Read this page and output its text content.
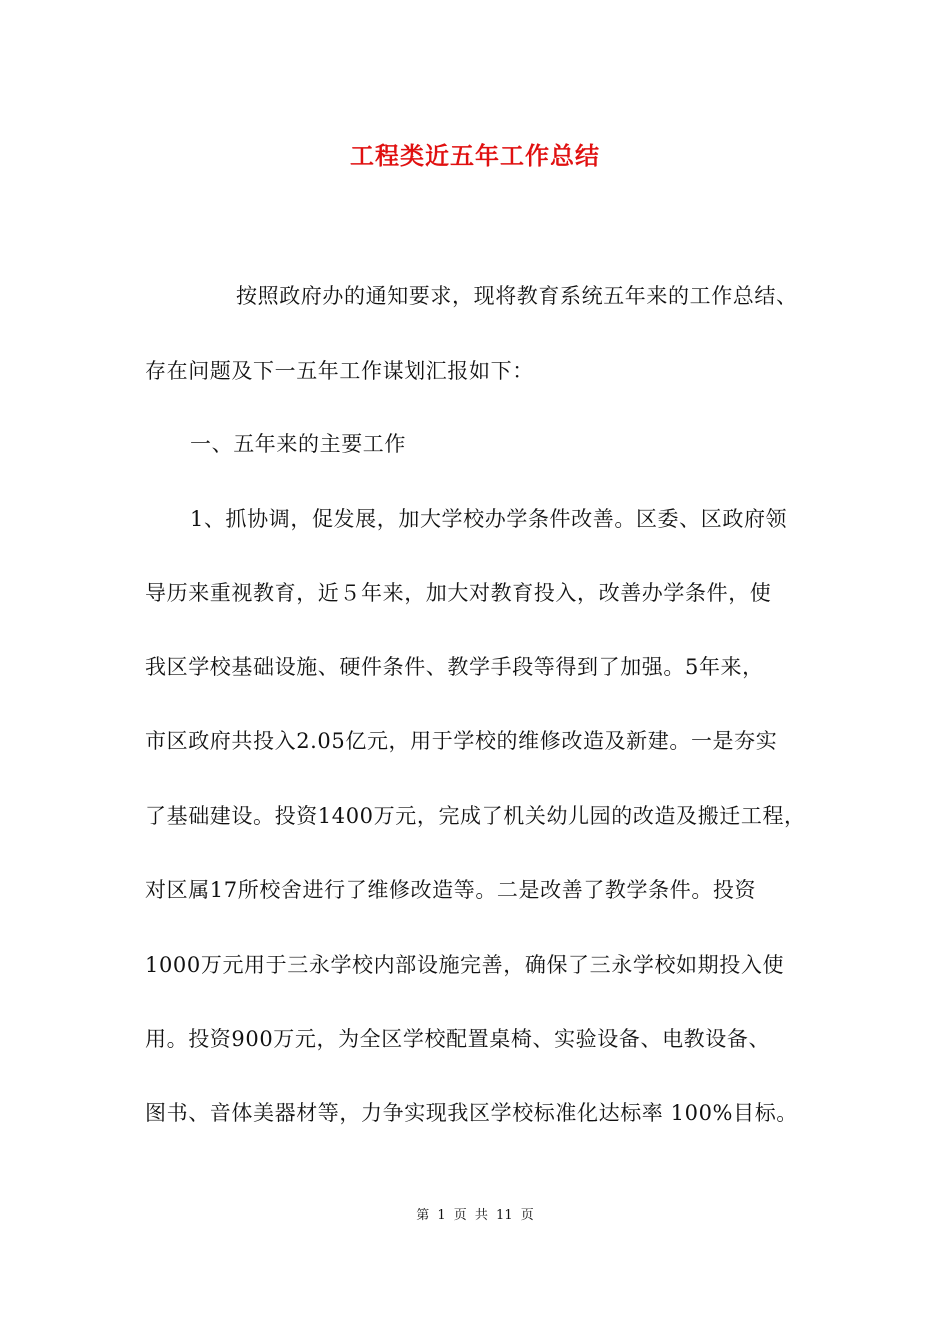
工程类近五年工作总结
按照政府办的通知要求，现将教育系统五年来的工作总结、
存在问题及下一五年工作谋划汇报如下：
一、五年来的主要工作
1、抓协调，促发展，加大学校办学条件改善。区委、区政府领
导历来重视教育，近５年来，加大对教育投入，改善办学条件，使
我区学校基础设施、硬件条件、教学手段等得到了加强。5年来，
市区政府共投入2.05亿元，用于学校的维修改造及新建。一是夯实
了基础建设。投资1400万元，完成了机关幼儿园的改造及搬迁工程，
对区属17所校舍进行了维修改造等。二是改善了教学条件。投资
1000万元用于三永学校内部设施完善，确保了三永学校如期投入使
用。投资900万元，为全区学校配置桌椅、实验设备、电教设备、
图书、音体美器材等，力争实现我区学校标准化达标率 100%目标。
第 1 页 共 11 页
